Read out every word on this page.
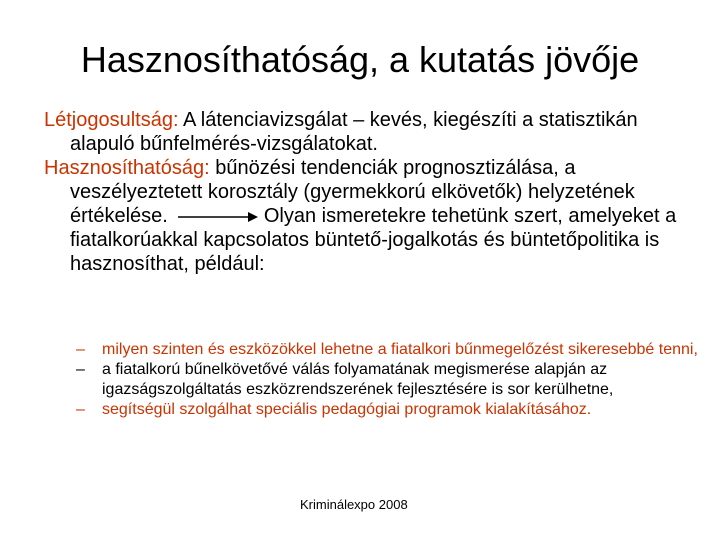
Hasznosíthatóság, a kutatás jövője

Létjogosultság: A látenciavizsgálat – kevés, kiegészíti a statisztikán alapuló bűnfelmérés-vizsgálatokat.

Hasznosíthatóság: bűnözési tendenciák prognosztizálása, a veszélyeztetett korosztály (gyermekkorú elkövetők) helyzetének értékelése.	Olyan ismeretekre tehetünk szert, amelyeket a fiatalkorúakkal kapcsolatos büntető-jogalkotás és büntetőpolitika is hasznosíthat, például:

– milyen szinten és eszközökkel lehetne a fiatalkori bűnmegelőzést sikeresebbé tenni,
– a fiatalkorú bűnelkövetővé válás folyamatának megismerése alapján az igazságszolgáltatás eszközrendszerének fejlesztésére is sor kerülhetne,
– segítségül szolgálhat speciális pedagógiai programok kialakításához.
Kriminálexpo 2008
